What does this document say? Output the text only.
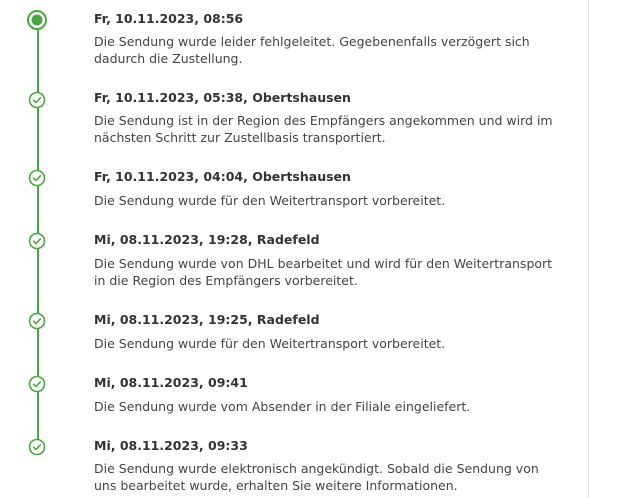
Fr, 10.11.2023, 08:56
Die Sendung wurde leider fehlgeleitet. Gegebenenfalls verzögert sich dadurch die Zustellung.
Fr, 10.11.2023, 05:38, Obertshausen
Die Sendung ist in der Region des Empfängers angekommen und wird im nächsten Schritt zur Zustellbasis transportiert.
Fr, 10.11.2023, 04:04, Obertshausen
Die Sendung wurde für den Weitertransport vorbereitet.
Mi, 08.11.2023, 19:28, Radefeld
Die Sendung wurde von DHL bearbeitet und wird für den Weitertransport in die Region des Empfängers vorbereitet.
Mi, 08.11.2023, 19:25, Radefeld
Die Sendung wurde für den Weitertransport vorbereitet.
Mi, 08.11.2023, 09:41
Die Sendung wurde vom Absender in der Filiale eingeliefert.
Mi, 08.11.2023, 09:33
Die Sendung wurde elektronisch angekündigt. Sobald die Sendung von uns bearbeitet wurde, erhalten Sie weitere Informationen.
